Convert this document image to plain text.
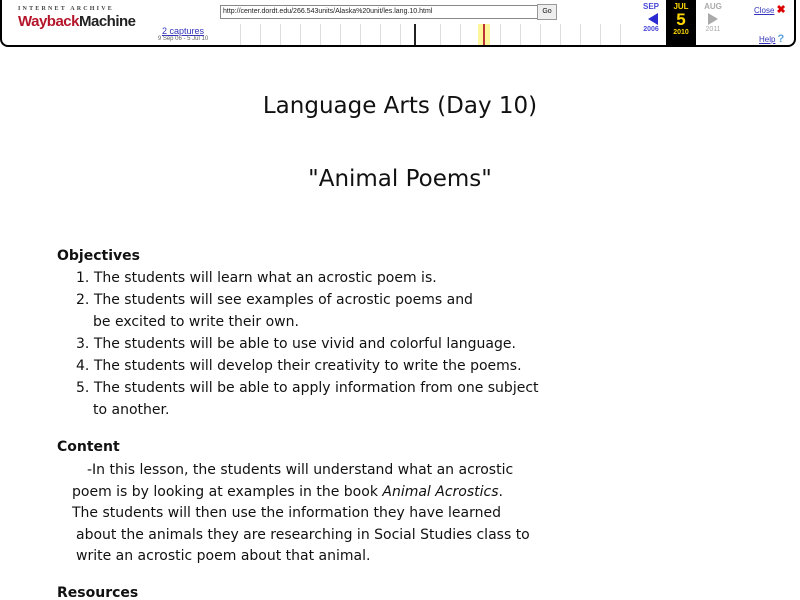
INTERNET ARCHIVE
WaybackMachine
http://center.dordt.edu/266.543units/Alaska%20unit/les.lang.10.html	Go
2 captures
9 Sep 06 - 5 Jul 10
SEP
2006
JUL
5
2010
AUG
2011
Close ✖
Help ?
Language Arts (Day 10)
"Animal Poems"
Objectives
1. The students will learn what an acrostic poem is.
2. The students will see examples of acrostic poems and
be excited to write their own.
3. The students will be able to use vivid and colorful language.
4. The students will develop their creativity to write the poems.
5. The students will be able to apply information from one subject
to another.
Content
-In this lesson, the students will understand what an acrostic
poem is by looking at examples in the book Animal Acrostics.
The students will then use the information they have learned
about the animals they are researching in Social Studies class to
write an acrostic poem about that animal.
Resources
